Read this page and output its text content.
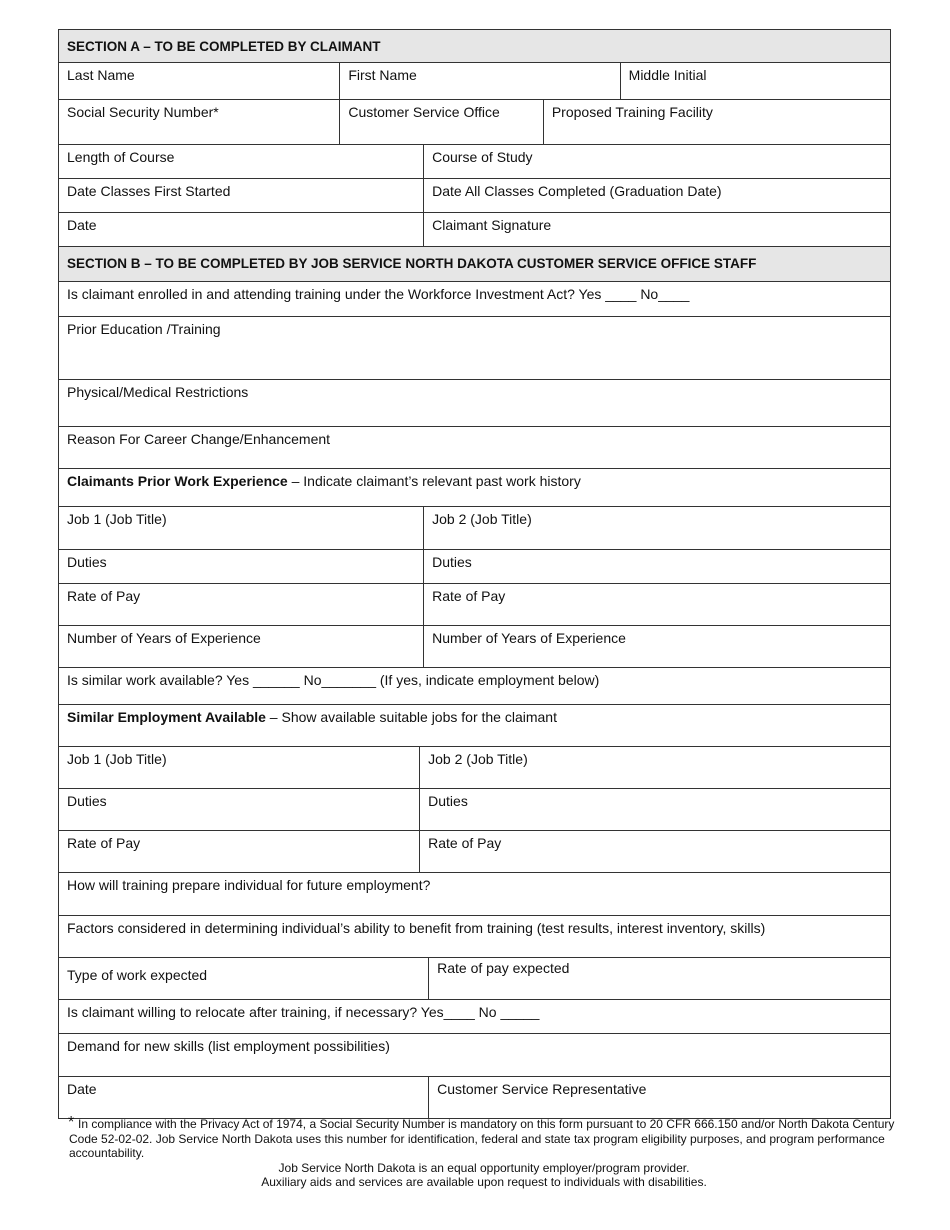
SECTION A – TO BE COMPLETED BY CLAIMANT
Last Name	First Name	Middle Initial
Social Security Number*	Customer Service Office	Proposed Training Facility
Length of Course	Course of Study
Date Classes First Started	Date All Classes Completed (Graduation Date)
Date	Claimant Signature
SECTION B – TO BE COMPLETED BY JOB SERVICE NORTH DAKOTA CUSTOMER SERVICE OFFICE STAFF
Is claimant enrolled in and attending training under the Workforce Investment Act? Yes ____ No____
Prior Education /Training
Physical/Medical Restrictions
Reason For Career Change/Enhancement
Claimants Prior Work Experience – Indicate claimant’s relevant past work history
Job 1 (Job Title)	Job 2 (Job Title)
Duties	Duties
Rate of Pay	Rate of Pay
Number of Years of Experience	Number of Years of Experience
Is similar work available? Yes ______ No_______ (If yes, indicate employment below)
Similar Employment Available – Show available suitable jobs for the claimant
Job 1 (Job Title)	Job 2 (Job Title)
Duties	Duties
Rate of Pay	Rate of Pay
How will training prepare individual for future employment?
Factors considered in determining individual’s ability to benefit from training (test results, interest inventory, skills)
Type of work expected	Rate of pay expected
Is claimant willing to relocate after training, if necessary? Yes____ No _____
Demand for new skills (list employment possibilities)
Date	Customer Service Representative
* In compliance with the Privacy Act of 1974, a Social Security Number is mandatory on this form pursuant to 20 CFR 666.150 and/or North Dakota Century Code 52-02-02. Job Service North Dakota uses this number for identification, federal and state tax program eligibility purposes, and program performance accountability.
Job Service North Dakota is an equal opportunity employer/program provider.
Auxiliary aids and services are available upon request to individuals with disabilities.
